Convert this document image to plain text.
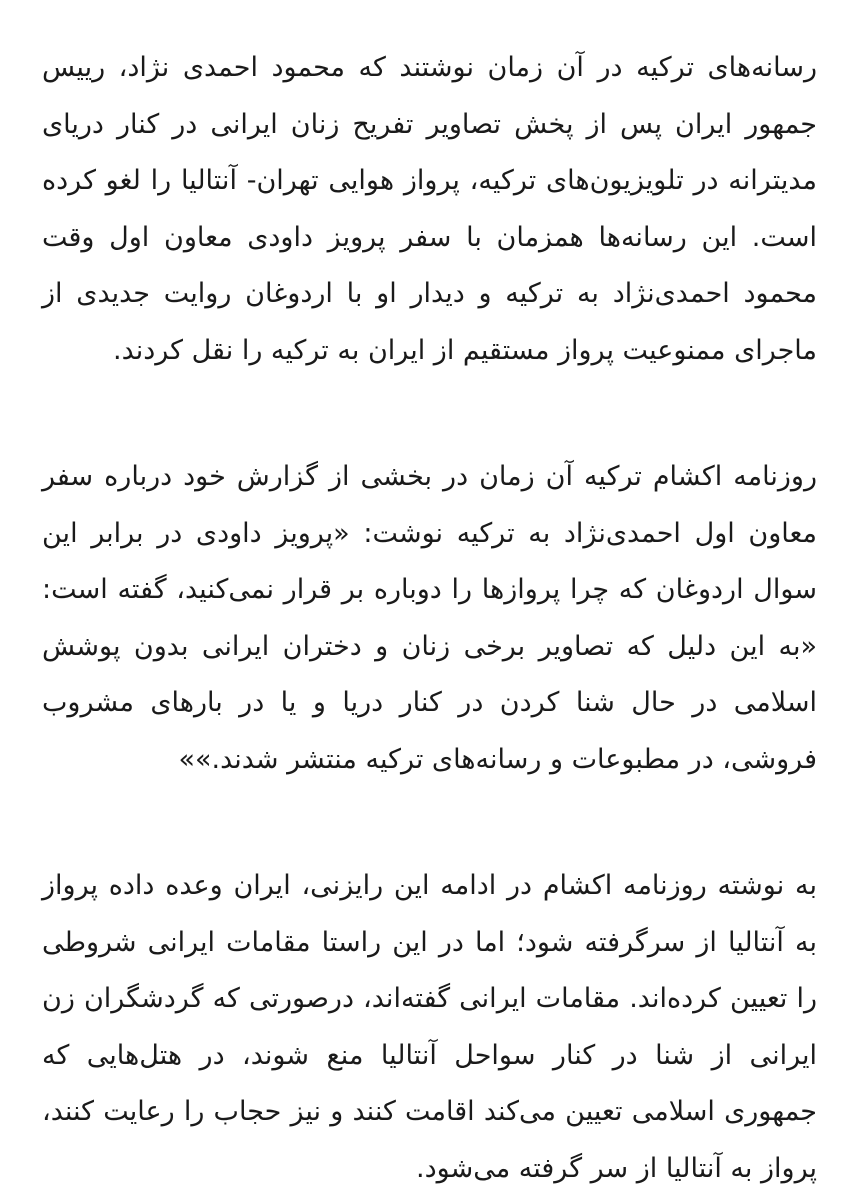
رسانه‌های ترکیه در آن زمان نوشتند که محمود احمدی نژاد، رییس جمهور ایران پس از پخش تصاویر تفریح زنان ایرانی در کنار دریای مدیترانه در تلویزیون‌های ترکیه، پرواز هوایی تهران- آنتالیا را لغو کرده است. این رسانه‌ها همزمان با سفر پرویز داودی معاون اول وقت محمود احمدی‌نژاد به ترکیه و دیدار او با اردوغان روایت جدیدی از ماجرای ممنوعیت پرواز مستقیم از ایران به ترکیه را نقل کردند.

روزنامه اکشام ترکیه آن زمان در بخشی از گزارش خود درباره سفر معاون اول احمدی‌نژاد به ترکیه نوشت: «پرویز داودی در برابر این سوال اردوغان که چرا پروازها را دوباره بر قرار نمی‌کنید، گفته است: «به این دلیل که تصاویر برخی زنان و دختران ایرانی بدون پوشش اسلامی در حال شنا کردن در کنار دریا و یا در بارهای مشروب فروشی، در مطبوعات و رسانه‌های ترکیه منتشر شدند.»»

به نوشته روزنامه اکشام در ادامه این رایزنی، ایران وعده داده پرواز به آنتالیا از سرگرفته شود؛ اما در این راستا مقامات ایرانی شروطی را تعیین کرده‌اند. مقامات ایرانی گفته‌اند، درصورتی که گردشگران زن ایرانی از شنا در کنار سواحل آنتالیا منع شوند، در هتل‌هایی که جمهوری اسلامی تعیین می‌کند اقامت کنند و نیز حجاب را رعایت کنند، پرواز به آنتالیا از سر گرفته می‌شود.
